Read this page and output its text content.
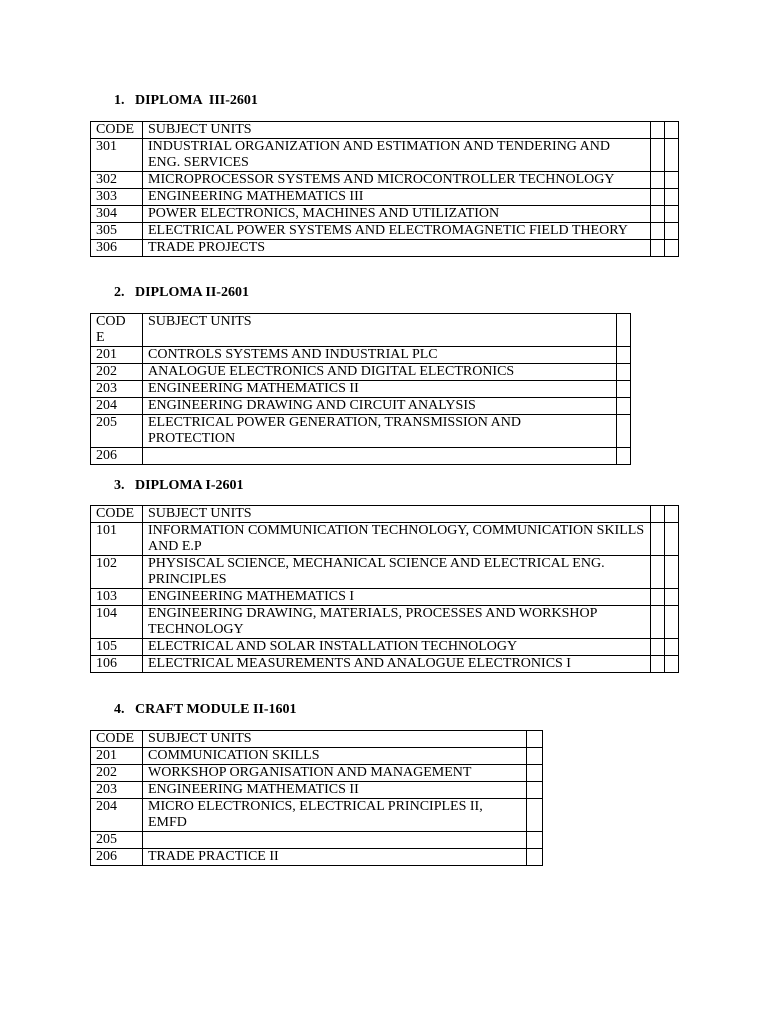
1. DIPLOMA  III-2601
CODE	SUBJECT UNITS		
301	INDUSTRIAL ORGANIZATION AND ESTIMATION AND TENDERING AND ENG. SERVICES		
302	MICROPROCESSOR SYSTEMS AND MICROCONTROLLER TECHNOLOGY		
303	ENGINEERING MATHEMATICS III		
304	POWER ELECTRONICS, MACHINES AND UTILIZATION		
305	ELECTRICAL POWER SYSTEMS AND ELECTROMAGNETIC FIELD THEORY		
306	TRADE PROJECTS		
2. DIPLOMA II-2601
COD E	SUBJECT UNITS	
201	CONTROLS SYSTEMS AND INDUSTRIAL PLC	
202	ANALOGUE ELECTRONICS AND DIGITAL ELECTRONICS	
203	ENGINEERING MATHEMATICS II	
204	ENGINEERING DRAWING AND CIRCUIT ANALYSIS	
205	ELECTRICAL POWER GENERATION, TRANSMISSION AND PROTECTION	
206		
3. DIPLOMA I-2601
CODE	SUBJECT UNITS		
101	INFORMATION COMMUNICATION TECHNOLOGY, COMMUNICATION SKILLS AND E.P		
102	PHYSISCAL SCIENCE, MECHANICAL SCIENCE AND ELECTRICAL ENG. PRINCIPLES		
103	ENGINEERING MATHEMATICS I		
104	ENGINEERING DRAWING, MATERIALS, PROCESSES AND WORKSHOP TECHNOLOGY		
105	ELECTRICAL AND SOLAR INSTALLATION TECHNOLOGY		
106	ELECTRICAL MEASUREMENTS AND ANALOGUE ELECTRONICS I		
4. CRAFT MODULE II-1601
CODE	SUBJECT UNITS	
201	COMMUNICATION SKILLS	
202	WORKSHOP ORGANISATION AND MANAGEMENT	
203	ENGINEERING MATHEMATICS II	
204	MICRO ELECTRONICS, ELECTRICAL PRINCIPLES II, EMFD	
205		
206	TRADE PRACTICE II	
